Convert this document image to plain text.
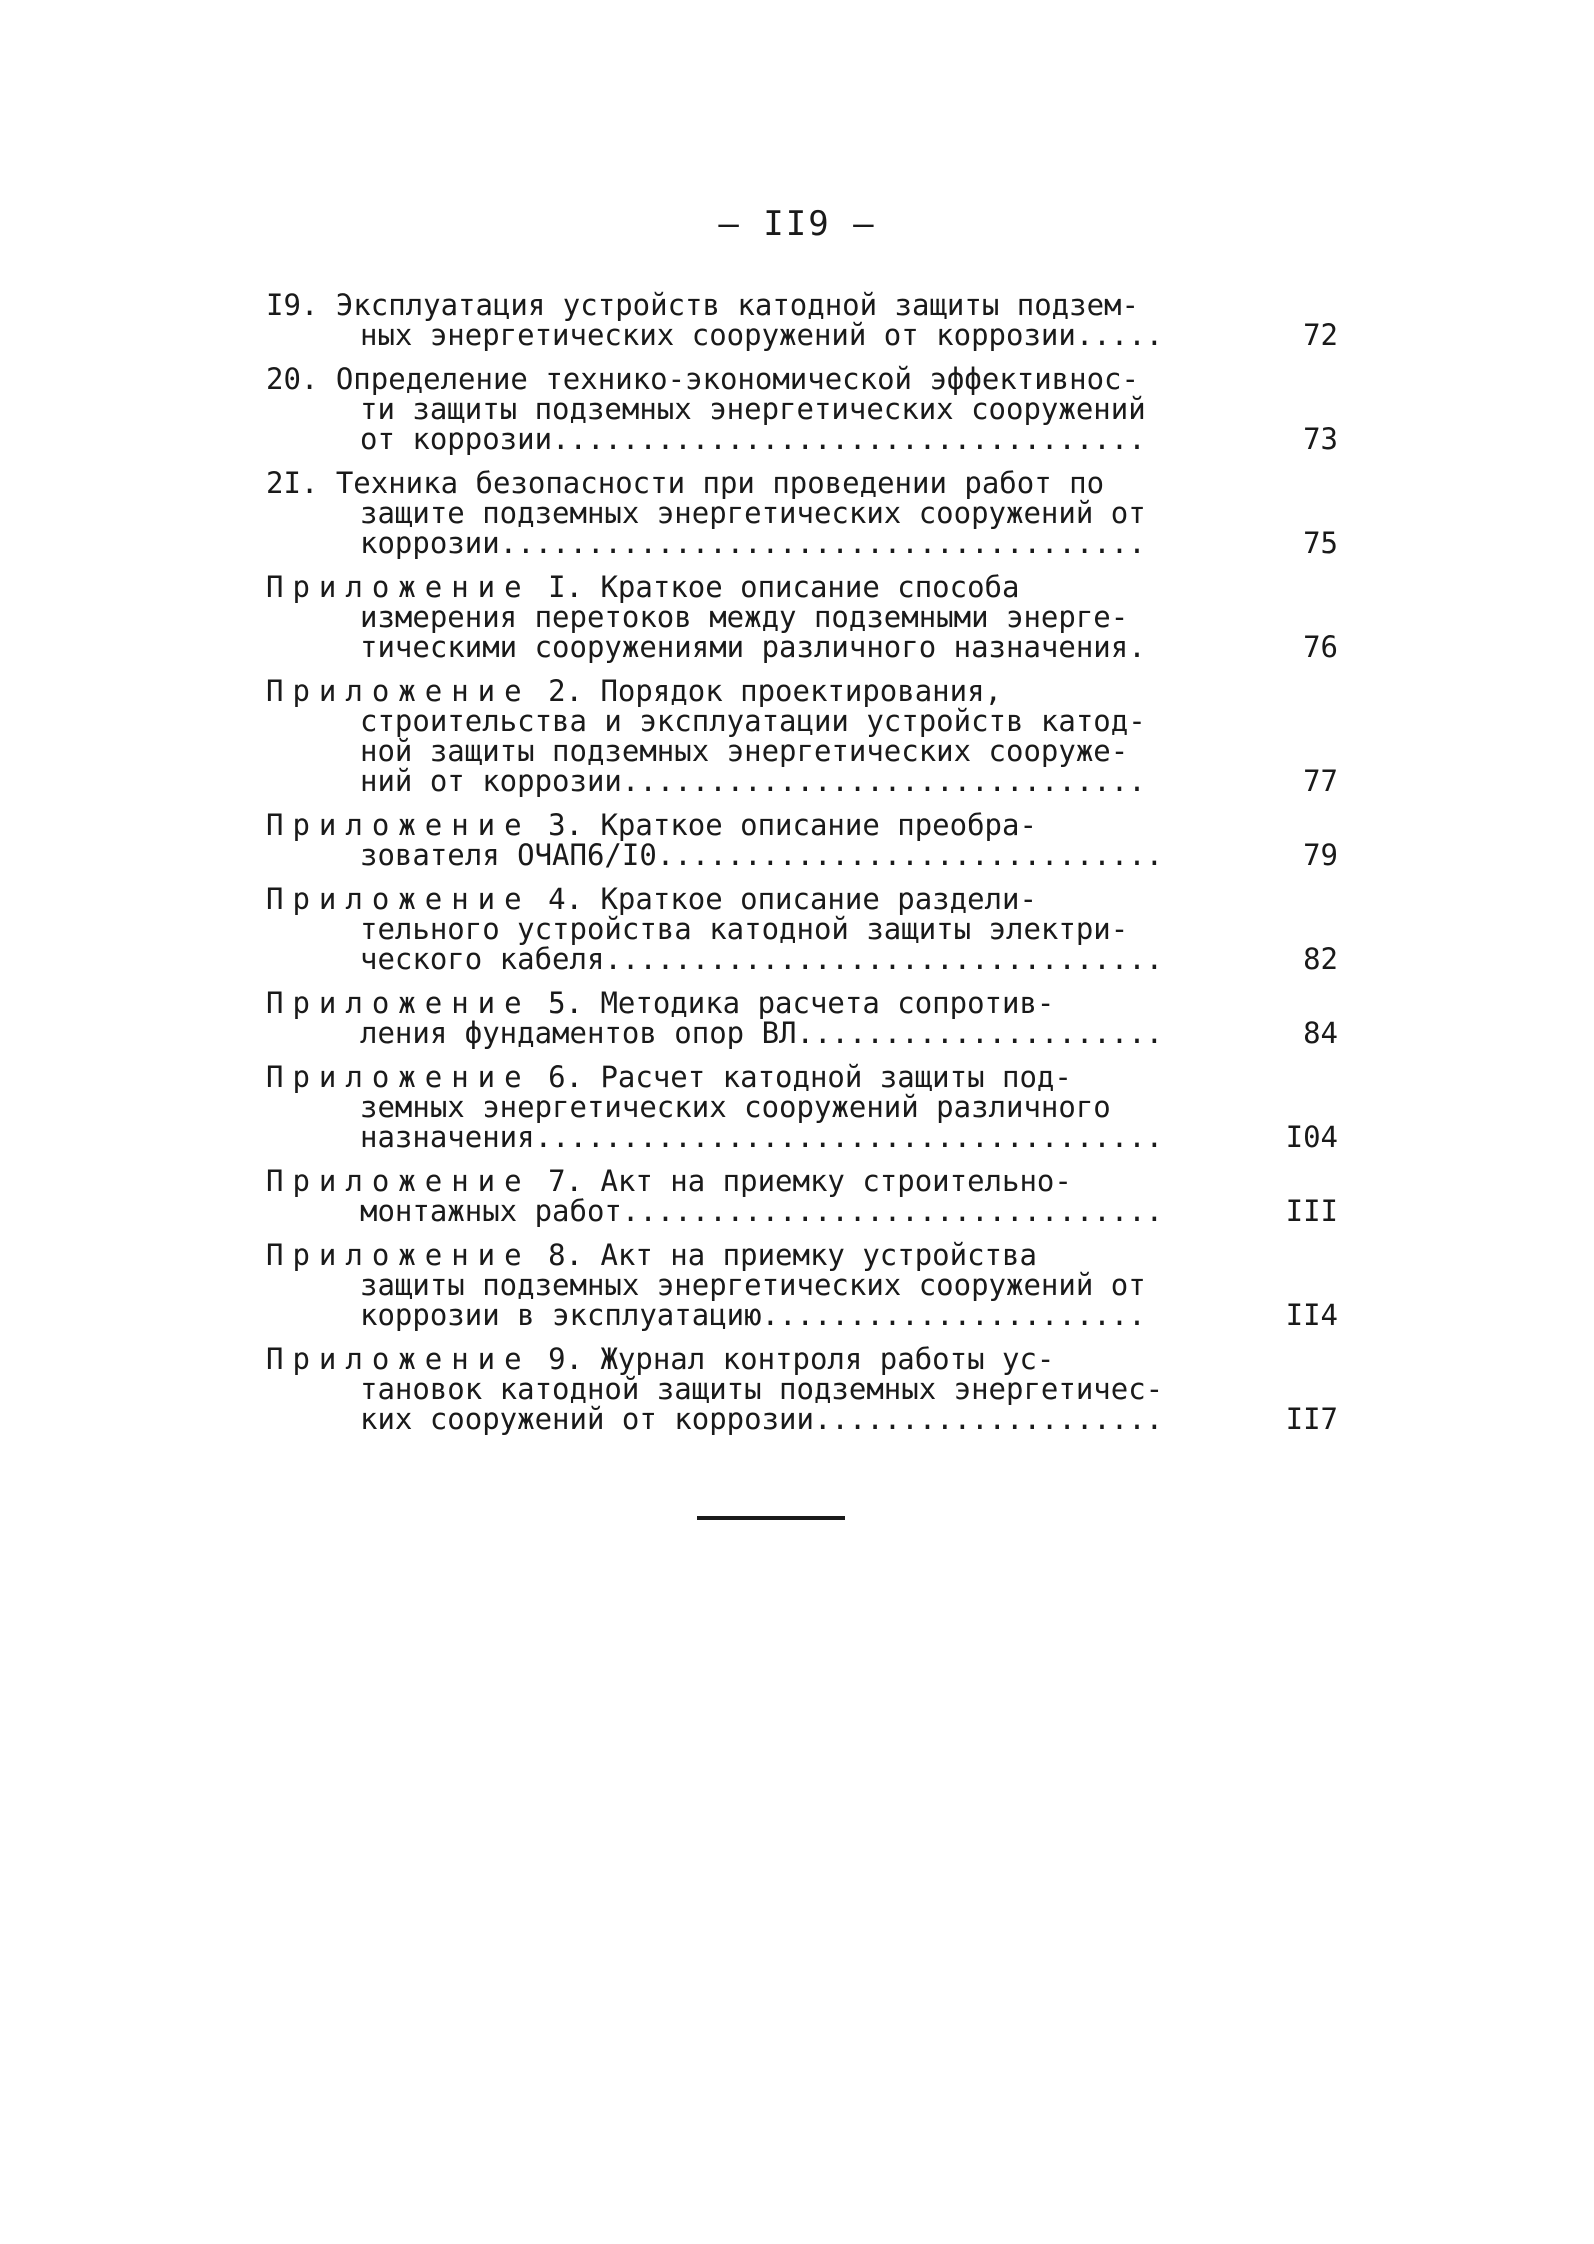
– II9 –
I9. Эксплуатация устройств катодной защиты подзем-
ных энергетических сооружений от коррозии.....	72
20. Определение технико-экономической эффективнос-
ти защиты подземных энергетических сооружений
от коррозии..................................	73
2I. Техника безопасности при проведении работ по
защите подземных энергетических сооружений от
коррозии.....................................	75
Приложение I. Краткое описание способа
измерения перетоков между подземными энерге-
тическими сооружениями различного назначения.	76
Приложение 2. Порядок проектирования,
строительства и эксплуатации устройств катод-
ной защиты подземных энергетических сооруже-
ний от коррозии..............................	77
Приложение 3. Краткое описание преобра-
зователя ОЧАП6/I0.............................	79
Приложение 4. Краткое описание раздели-
тельного устройства катодной защиты электри-
ческого кабеля................................	82
Приложение 5. Методика расчета сопротив-
ления фундаментов опор ВЛ.....................	84
Приложение 6. Расчет катодной защиты под-
земных энергетических сооружений различного
назначения....................................	I04
Приложение 7. Акт на приемку строительно-
монтажных работ...............................	III
Приложение 8. Акт на приемку устройства
защиты подземных энергетических сооружений от
коррозии в эксплуатацию......................	II4
Приложение 9. Журнал контроля работы ус-
тановок катодной защиты подземных энергетичес-
ких сооружений от коррозии....................	II7
